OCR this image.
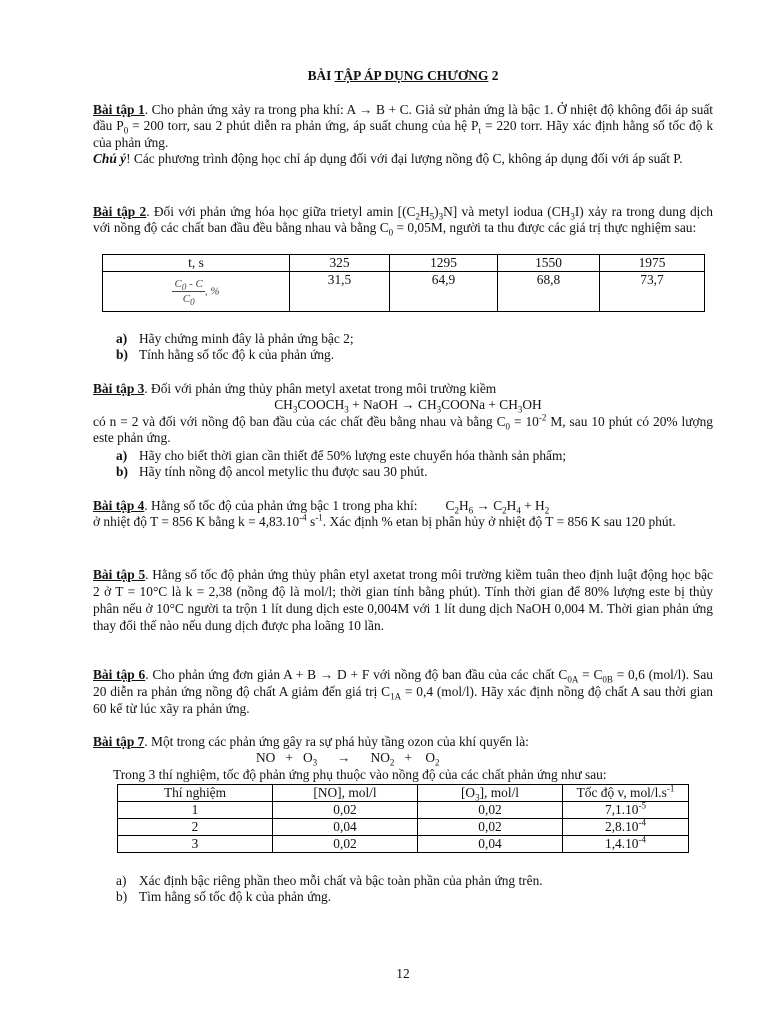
BÀI TẬP ÁP DỤNG CHƯƠNG 2

Bài tập 1. Cho phản ứng xảy ra trong pha khí: A → B + C. Giả sử phản ứng là bậc 1. Ở nhiệt độ không đổi áp suất đầu $P_0 = 200$ torr, sau 2 phút diễn ra phản ứng, áp suất chung của hệ $P_t = 220$ torr. Hãy xác định hằng số tốc độ k của phản ứng.

Chú ý! Các phương trình động học chỉ áp dụng đối với đại lượng nồng độ C, không áp dụng đối với áp suất P.

Bài tập 2. Đối với phản ứng hóa học giữa trietyl amin $[(C_2H_5)_3N]$ và metyl iodua $(CH_3I)$ xảy ra trong dung dịch với nồng độ các chất ban đầu đều bằng nhau và bằng $C_0 = 0,05M$, người ta thu được các giá trị thực nghiệm sau:

t, s	325	1295	1550	1975

$\frac{C_0 - C}{C_0}$ , %	31,5	64,9	68,8	73,7
a) Hãy chứng minh đây là phản ứng bậc 2;
b) Tính hằng số tốc độ k của phản ứng.

Bài tập 3. Đối với phản ứng thủy phân metyl axetat trong môi trường kiềm

$CH_3COOCH_3$ + NaOH → $CH_3COONa + CH_3OH$

có n = 2 và đối với nồng độ ban đầu của các chất đều bằng nhau và bằng $C_0 = 10^{-2}$ M, sau 10 phút có 20% lượng este phản ứng.

a) Hãy cho biết thời gian cần thiết để 50% lượng este chuyển hóa thành sản phẩm;
b) Hãy tính nồng độ ancol metylic thu được sau 30 phút.

Bài tập 4. Hằng số tốc độ của phản ứng bậc 1 trong pha khí: $C_2H_6 \to C_2H_4 + H_2$

ở nhiệt độ T = 856 K bằng $k = 4,83.10^{-4}$ $s^{-1}$. Xác định % etan bị phân hủy ở nhiệt độ T = 856 K sau 120 phút.

Bài tập 5. Hằng số tốc độ phản ứng thủy phân etyl axetat trong môi trường kiềm tuân theo định luật động học bậc 2 ở T = 10°C là k = 2,38 (nồng độ là mol/l; thời gian tính bằng phút). Tính thời gian để 80% lượng este bị thủy phân nếu ở 10°C người ta trộn 1 lít dung dịch este 0,004M với 1 lít dung dịch NaOH 0,004 M. Thời gian phản ứng thay đổi thế nào nếu dung dịch được pha loãng 10 lần.

Bài tập 6. Cho phản ứng đơn giản A + B → D + F với nồng độ ban đầu của các chất $C_{0A} = C_{0B} = 0,6$ (mol/l). Sau 20 diễn ra phản ứng nồng độ chất A giảm đến giá trị $C_{1A} = 0,4$ (mol/l). Hãy xác định nồng độ chất A sau thời gian 60 kể từ lúc xãy ra phản ứng.

Bài tập 7. Một trong các phản ứng gây ra sự phá hủy tầng ozon của khí quyển là:

NO   +   $O_3 \to NO_2$   +    $O_2$

Trong 3 thí nghiệm, tốc độ phản ứng phụ thuộc vào nồng độ của các chất phản ứng như sau:

Thí nghiệm	[NO], mol/l	$[O_3]$, mol/l	Tốc độ v, mol/$l.s^{-1}$
1	0,02	0,02	$7,1.10^{-5}$
2	0,04	0,02	$2,8.10^{-4}$
3	0,02	0,04	$1,4.10^{-4}$
a) Xác định bậc riêng phần theo mỗi chất và bậc toàn phần của phản ứng trên.
b) Tìm hằng số tốc độ k của phản ứng.
12
